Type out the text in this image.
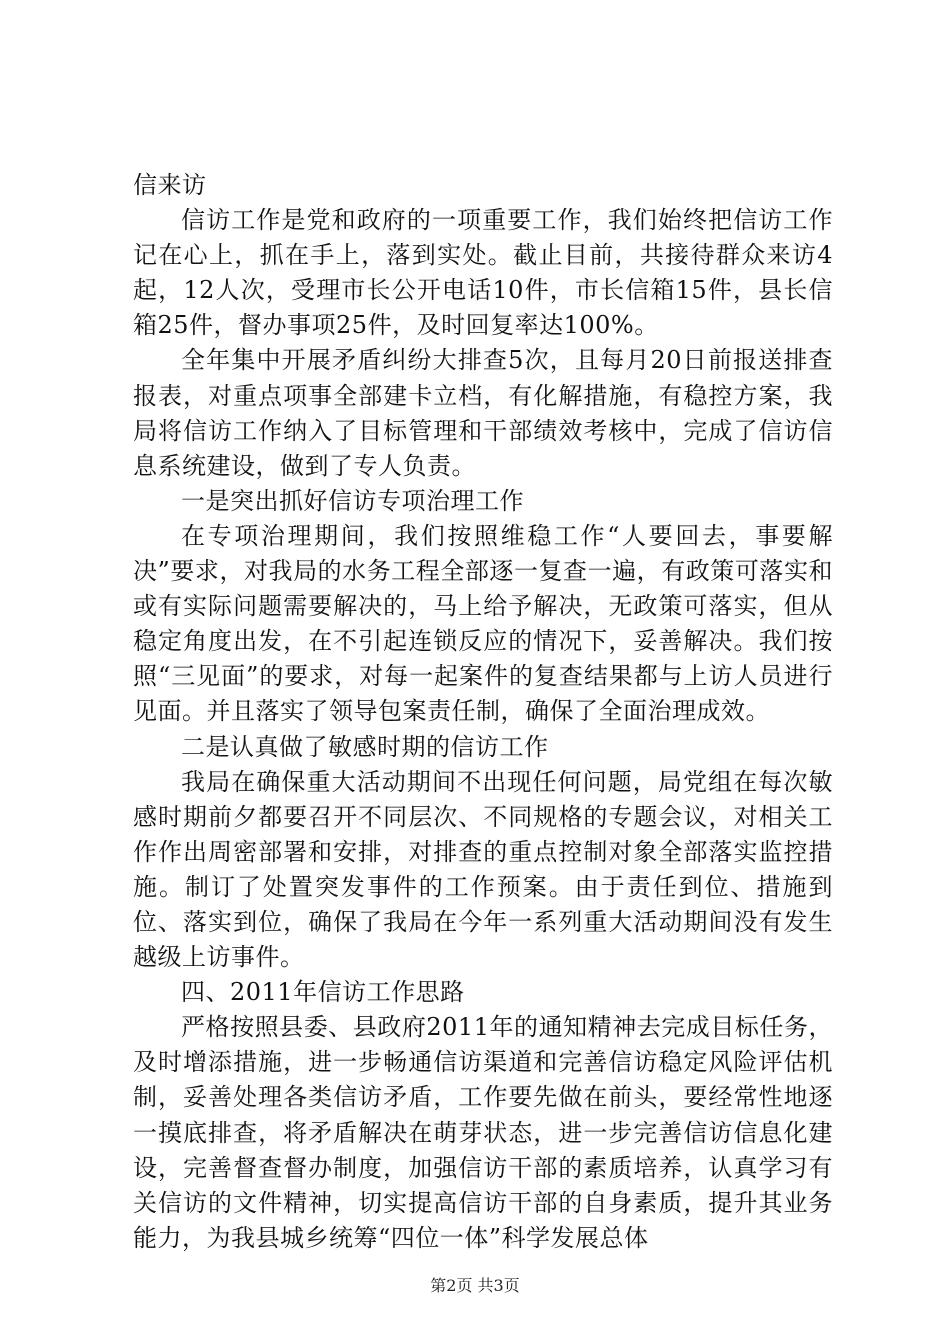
信来访

信访工作是党和政府的一项重要工作，我们始终把信访工作记在心上，抓在手上，落到实处。截止目前，共接待群众来访4起，12人次，受理市长公开电话10件，市长信箱15件，县长信箱25件，督办事项25件，及时回复率达100%。

全年集中开展矛盾纠纷大排查5次，且每月20日前报送排查报表，对重点项事全部建卡立档，有化解措施，有稳控方案，我局将信访工作纳入了目标管理和干部绩效考核中，完成了信访信息系统建设，做到了专人负责。

一是突出抓好信访专项治理工作

在专项治理期间，我们按照维稳工作“人要回去，事要解决”要求，对我局的水务工程全部逐一复查一遍，有政策可落实和或有实际问题需要解决的，马上给予解决，无政策可落实，但从稳定角度出发，在不引起连锁反应的情况下，妥善解决。我们按照“三见面”的要求，对每一起案件的复查结果都与上访人员进行见面。并且落实了领导包案责任制，确保了全面治理成效。

二是认真做了敏感时期的信访工作

我局在确保重大活动期间不出现任何问题，局党组在每次敏感时期前夕都要召开不同层次、不同规格的专题会议，对相关工作作出周密部署和安排，对排查的重点控制对象全部落实监控措施。制订了处置突发事件的工作预案。由于责任到位、措施到位、落实到位，确保了我局在今年一系列重大活动期间没有发生越级上访事件。

四、2011年信访工作思路

严格按照县委、县政府2011年的通知精神去完成目标任务，及时增添措施，进一步畅通信访渠道和完善信访稳定风险评估机制，妥善处理各类信访矛盾，工作要先做在前头，要经常性地逐一摸底排查，将矛盾解决在萌芽状态，进一步完善信访信息化建设，完善督查督办制度，加强信访干部的素质培养，认真学习有关信访的文件精神，切实提高信访干部的自身素质，提升其业务能力，为我县城乡统筹“四位一体”科学发展总体

第2页 共3页
